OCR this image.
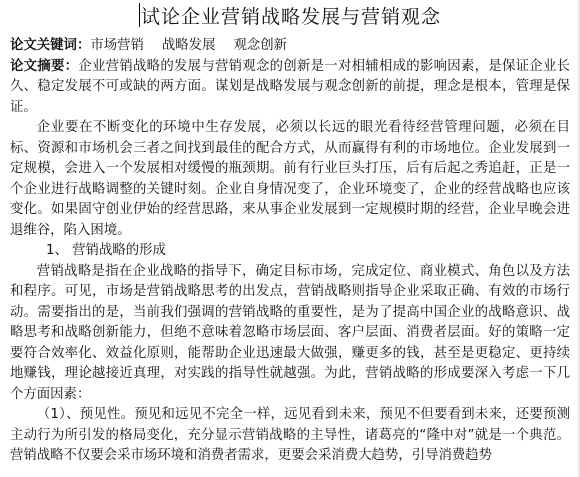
试论企业营销战略发展与营销观念

论文关键词：市场营销 战略发展 观念创新

论文摘要：企业营销战略的发展与营销观念的创新是一对相辅相成的影响因素，是保证企业长久、稳定发展不可或缺的两方面。谋划是战略发展与观念创新的前提，理念是根本，管理是保证。

企业要在不断变化的环境中生存发展，必须以长远的眼光看待经营管理问题，必须在目标、资源和市场机会三者之间找到最佳的配合方式，从而赢得有利的市场地位。企业发展到一定规模，会进入一个发展相对缓慢的瓶颈期。前有行业巨头打压，后有后起之秀追赶，正是一个企业进行战略调整的关键时刻。企业自身情况变了，企业环境变了，企业的经营战略也应该变化。如果固守创业伊始的经营思路，来从事企业发展到一定规模时期的经营，企业早晚会进退维谷，陷入困境。

1、 营销战略的形成

营销战略是指在企业战略的指导下，确定目标市场，完成定位、商业模式、角色以及方法和程序。可见，市场是营销战略思考的出发点，营销战略则指导企业采取正确、有效的市场行动。需要指出的是，当前我们强调的营销战略的重要性，是为了提高中国企业的战略意识、战略思考和战略创新能力，但绝不意味着忽略市场层面、客户层面、消费者层面。好的策略一定要符合效率化、效益化原则，能帮助企业迅速最大做强，赚更多的钱，甚至是更稳定、更持续地赚钱，理论越接近真理，对实践的指导性就越强。为此，营销战略的形成要深入考虑一下几个方面因素：

（1）、预见性。预见和远见不完全一样，远见看到未来，预见不但要看到未来，还要预测主动行为所引发的格局变化，充分显示营销战略的主导性，诸葛亮的“隆中对”就是一个典范。营销战略不仅要会采市场环境和消费者需求，更要会采消费大趋势，引导消费趋势
